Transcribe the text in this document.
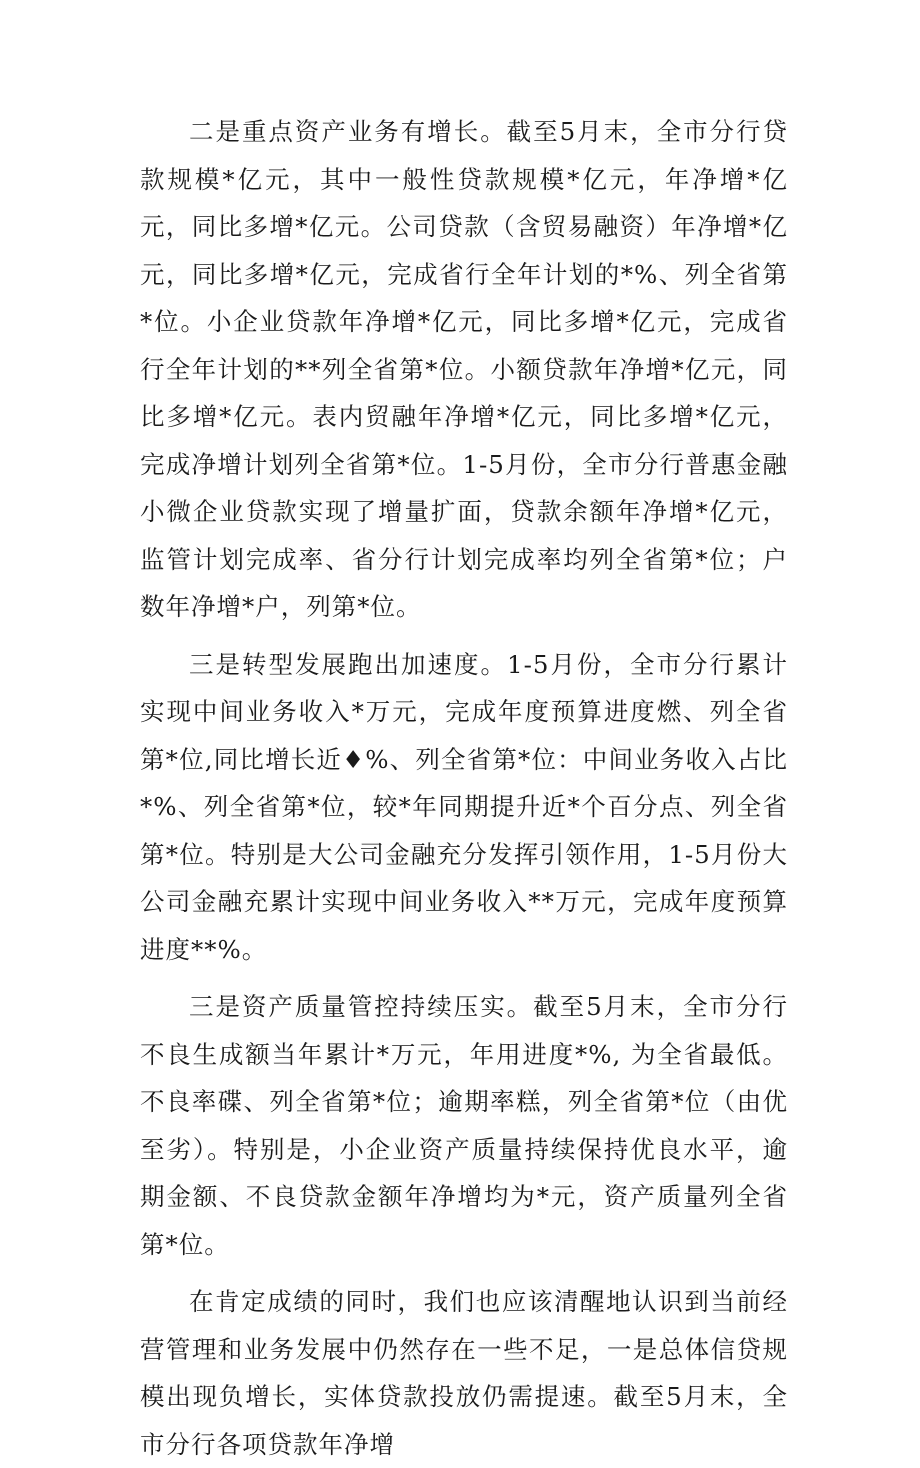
二是重点资产业务有增长。截至5月末，全市分行贷款规模*亿元，其中一般性贷款规模*亿元，年净增*亿元，同比多增*亿元。公司贷款（含贸易融资）年净增*亿元，同比多增*亿元，完成省行全年计划的*%、列全省第*位。小企业贷款年净增*亿元，同比多增*亿元，完成省行全年计划的**列全省第*位。小额贷款年净增*亿元，同比多增*亿元。表内贸融年净增*亿元，同比多增*亿元，完成净增计划列全省第*位。1-5月份，全市分行普惠金融小微企业贷款实现了增量扩面，贷款余额年净增*亿元，监管计划完成率、省分行计划完成率均列全省第*位；户数年净增*户，列第*位。

三是转型发展跑出加速度。1-5月份，全市分行累计实现中间业务收入*万元，完成年度预算进度燃、列全省第*位,同比增长近♦%、列全省第*位：中间业务收入占比*%、列全省第*位，较*年同期提升近*个百分点、列全省第*位。特别是大公司金融充分发挥引领作用，1-5月份大公司金融充累计实现中间业务收入**万元，完成年度预算进度**%。

三是资产质量管控持续压实。截至5月末，全市分行不良生成额当年累计*万元，年用进度*%, 为全省最低。不良率碟、列全省第*位；逾期率糕，列全省第*位（由优至劣）。特别是，小企业资产质量持续保持优良水平，逾期金额、不良贷款金额年净增均为*元，资产质量列全省第*位。

在肯定成绩的同时，我们也应该清醒地认识到当前经营管理和业务发展中仍然存在一些不足，一是总体信贷规模出现负增长，实体贷款投放仍需提速。截至5月末，全市分行各项贷款年净增
